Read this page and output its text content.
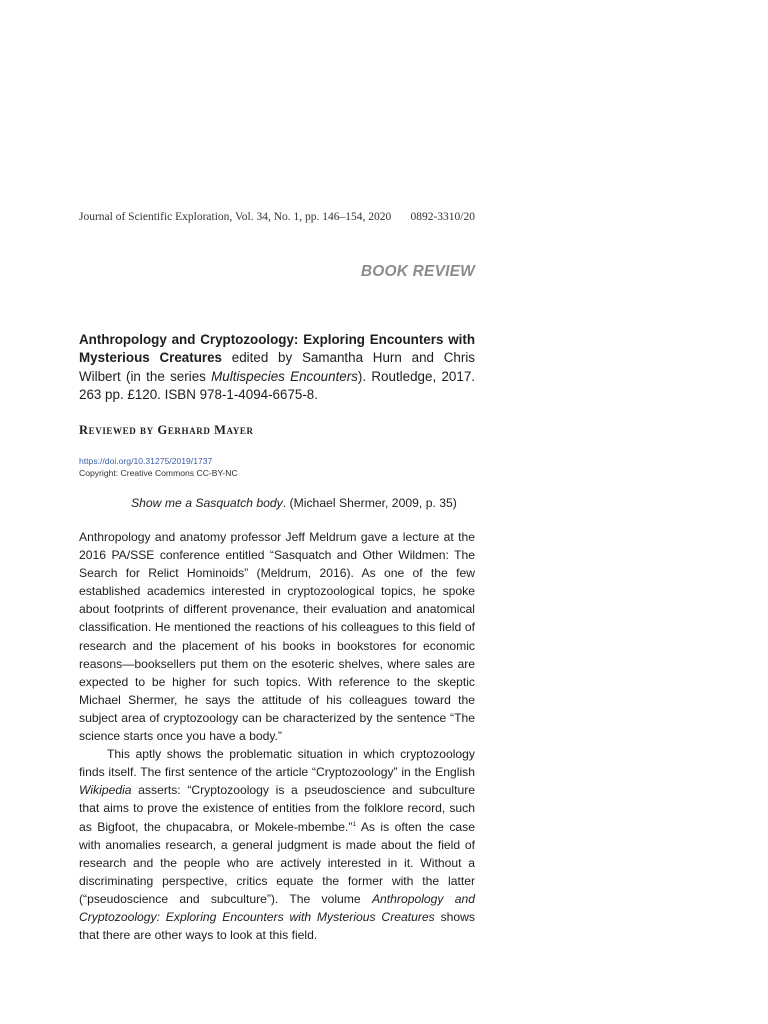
Journal of Scientific Exploration, Vol. 34, No. 1, pp. 146–154, 2020 0892-3310/20
BOOK REVIEW
Anthropology and Cryptozoology: Exploring Encounters with Mysterious Creatures edited by Samantha Hurn and Chris Wilbert (in the series Multispecies Encounters). Routledge, 2017. 263 pp. £120. ISBN 978-1-4094-6675-8.
Reviewed by Gerhard Mayer
https://doi.org/10.31275/2019/1737
Copyright: Creative Commons CC-BY-NC
Show me a Sasquatch body. (Michael Shermer, 2009, p. 35)

Anthropology and anatomy professor Jeff Meldrum gave a lecture at the 2016 PA/SSE conference entitled “Sasquatch and Other Wildmen: The Search for Relict Hominoids” (Meldrum, 2016). As one of the few established academics interested in cryptozoological topics, he spoke about footprints of different provenance, their evaluation and anatomical classification. He mentioned the reactions of his colleagues to this field of research and the placement of his books in bookstores for economic reasons—booksellers put them on the esoteric shelves, where sales are expected to be higher for such topics. With reference to the skeptic Michael Shermer, he says the attitude of his colleagues toward the subject area of cryptozoology can be characterized by the sentence “The science starts once you have a body.”

This aptly shows the problematic situation in which cryptozoology finds itself. The first sentence of the article “Cryptozoology” in the English Wikipedia asserts: “Cryptozoology is a pseudoscience and subculture that aims to prove the existence of entities from the folklore record, such as Bigfoot, the chupacabra, or Mokele-mbembe.”$^1$ As is often the case with anomalies research, a general judgment is made about the field of research and the people who are actively interested in it. Without a discriminating perspective, critics equate the former with the latter (“pseudoscience and subculture”). The volume Anthropology and Cryptozoology: Exploring Encounters with Mysterious Creatures shows that there are other ways to look at this field.
